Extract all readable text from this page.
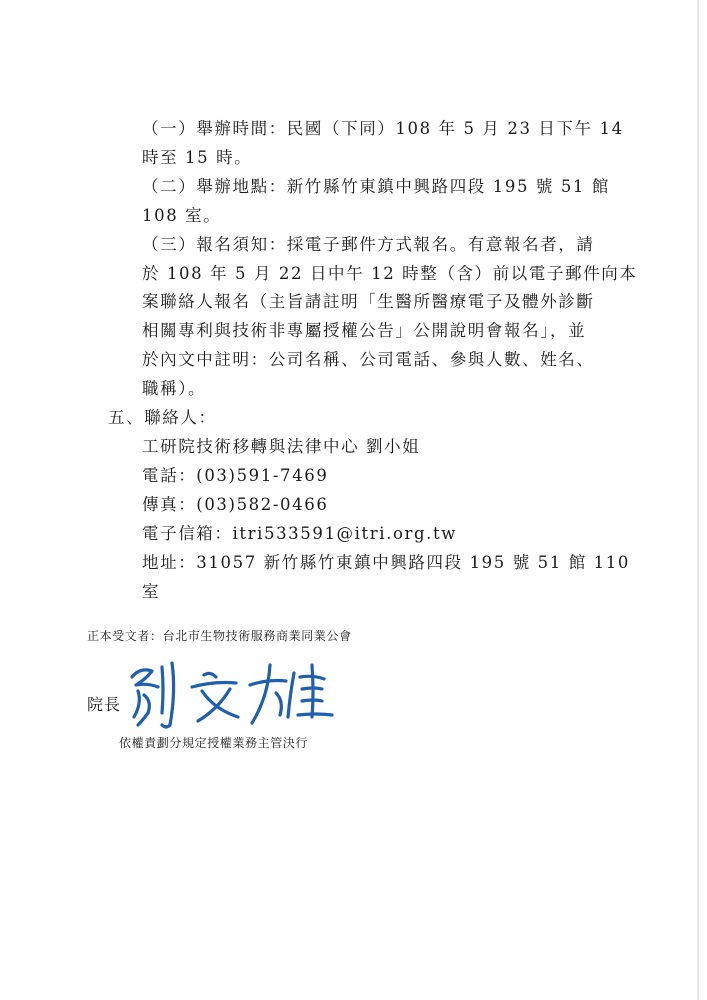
（一）舉辦時間：民國（下同）108 年 5 月 23 日下午 14
時至 15 時。
（二）舉辦地點：新竹縣竹東鎮中興路四段 195 號 51 館
108 室。
（三）報名須知：採電子郵件方式報名。有意報名者，請
於 108 年 5 月 22 日中午 12 時整（含）前以電子郵件向本
案聯絡人報名（主旨請註明「生醫所醫療電子及體外診斷
相關專利與技術非專屬授權公告」公開說明會報名」，並
於內文中註明：公司名稱、公司電話、參與人數、姓名、
職稱）。
五、聯絡人：
工研院技術移轉與法律中心 劉小姐
電話：(03)591-7469
傳真：(03)582-0466
電子信箱：itri533591@itri.org.tw
地址：31057 新竹縣竹東鎮中興路四段 195 號 51 館 110
室
正本受文者：台北市生物技術服務商業同業公會
院長
依權責劃分規定授權業務主管決行
